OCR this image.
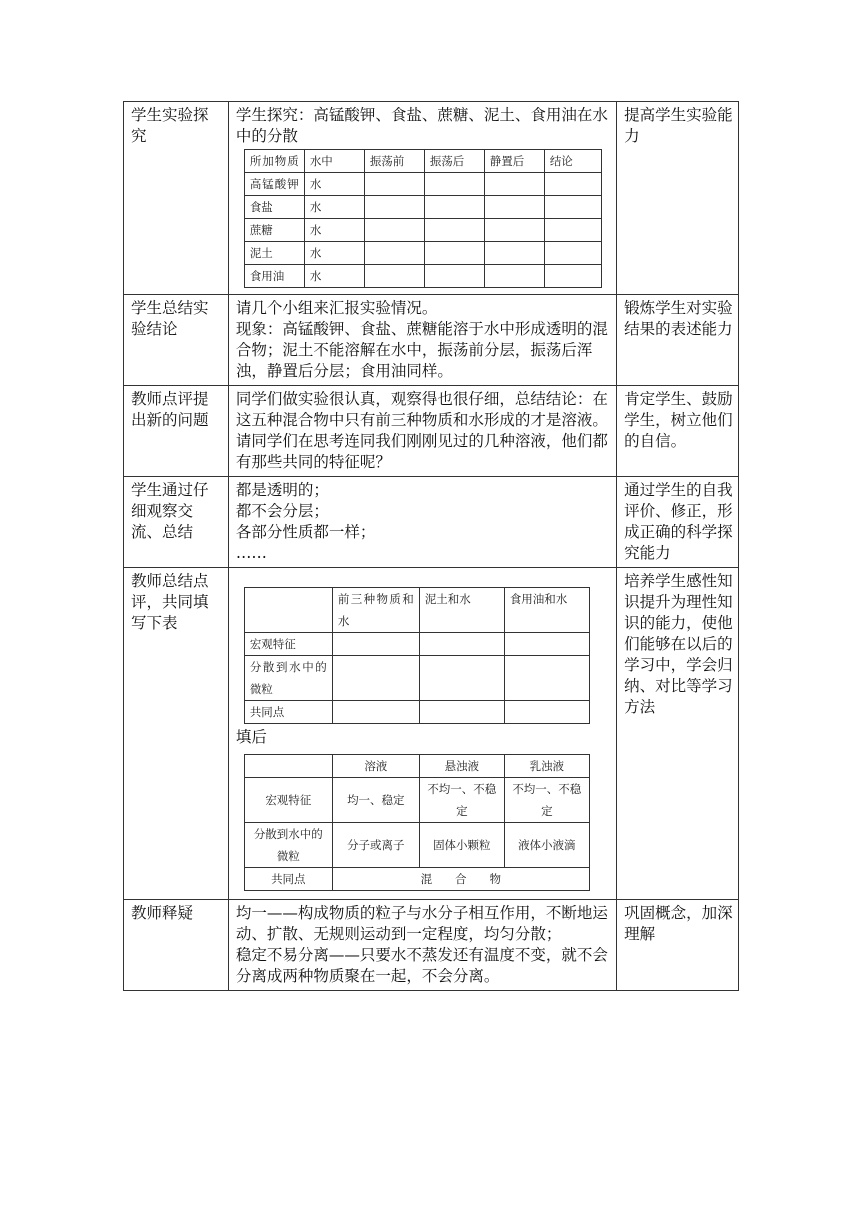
学生实验探究	
学生探究：高锰酸钾、食盐、蔗糖、泥土、食用油在水中的分散
所加物质	水中	振荡前	振荡后	静置后	结论
高锰酸钾	水				
食盐	水				
蔗糖	水				
泥土	水				
食用油	水				
	提高学生实验能力
学生总结实验结论	
请几个小组来汇报实验情况。
现象：高锰酸钾、食盐、蔗糖能溶于水中形成透明的混合物；泥土不能溶解在水中，振荡前分层，振荡后浑浊，静置后分层；食用油同样。
	锻炼学生对实验结果的表述能力
教师点评提出新的问题	
同学们做实验很认真，观察得也很仔细，总结结论：在这五种混合物中只有前三种物质和水形成的才是溶液。请同学们在思考连同我们刚刚见过的几种溶液，他们都有那些共同的特征呢？
	肯定学生、鼓励学生，树立他们的自信。
学生通过仔细观察交流、总结	
都是透明的；
都不会分层；
各部分性质都一样；
……
	通过学生的自我评价、修正，形成正确的科学探究能力
教师总结点评，共同填写下表	
	前三种物质和水	泥土和水	食用油和水
宏观特征			
分散到水中的微粒			
共同点			
填后
	溶液	悬浊液	乳浊液
宏观特征	均一、稳定	不均一、不稳定	不均一、不稳定
分散到水中的微粒	分子或离子	固体小颗粒	液体小液滴
共同点	混　　合　　物
	培养学生感性知识提升为理性知识的能力，使他们能够在以后的学习中，学会归纳、对比等学习方法
教师释疑	均一——构成物质的粒子与水分子相互作用，不断地运动、扩散、无规则运动到一定程度，均匀分散；
稳定不易分离——只要水不蒸发还有温度不变，就不会分离成两种物质聚在一起，不会分离。
	巩固概念，加深理解
